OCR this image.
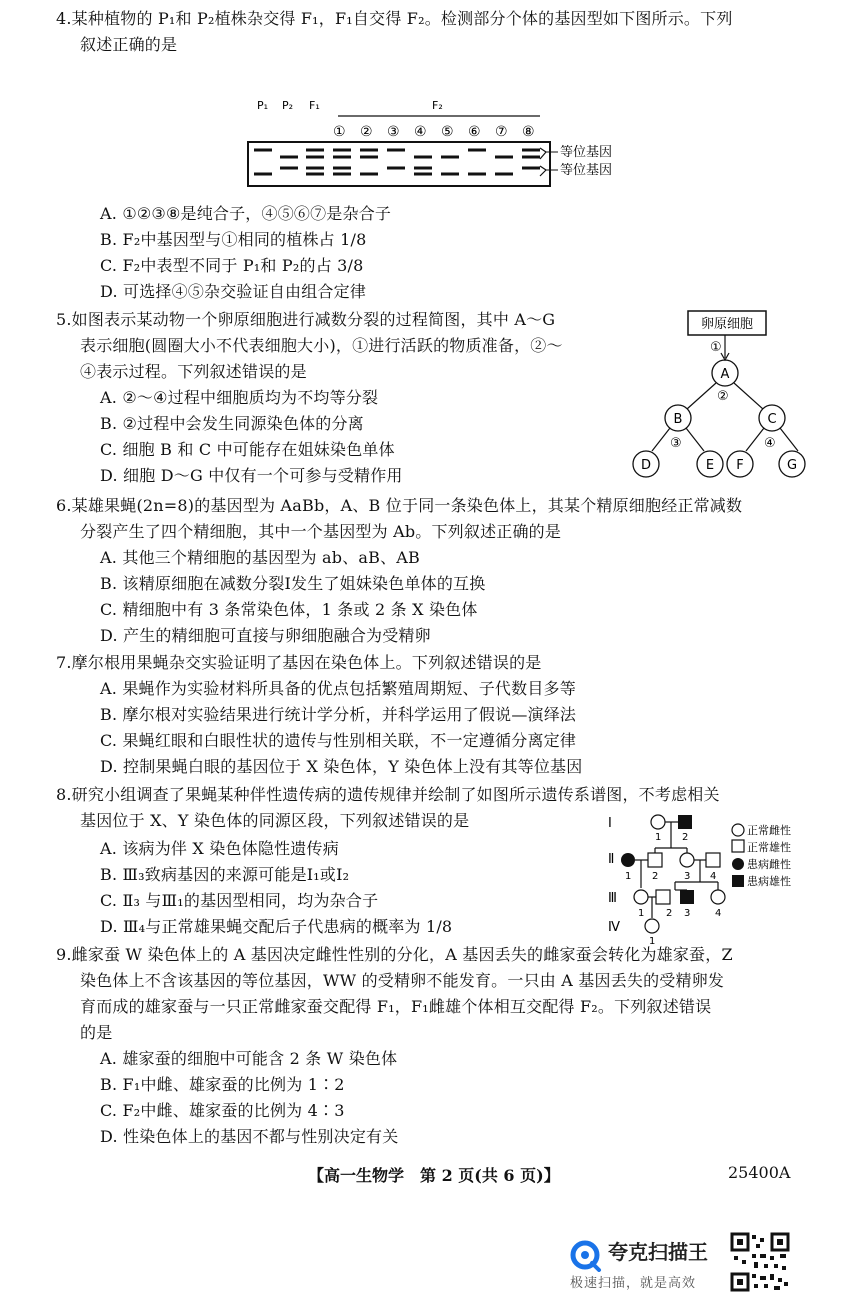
4.某种植物的 P₁和 P₂植株杂交得 F₁，F₁自交得 F₂。检测部分个体的基因型如下图所示。下列
叙述正确的是
P₁ P₂ F₁	F₂
① ② ③ ④ ⑤ ⑥ ⑦ ⑧
等位基因
等位基因
A. ①②③⑧是纯合子，④⑤⑥⑦是杂合子
B. F₂中基因型与①相同的植株占 1/8
C. F₂中表型不同于 P₁和 P₂的占 3/8
D. 可选择④⑤杂交验证自由组合定律
5.如图表示某动物一个卵原细胞进行减数分裂的过程简图，其中 A～G
表示细胞(圆圈大小不代表细胞大小)，①进行活跃的物质准备，②～
④表示过程。下列叙述错误的是
A. ②～④过程中细胞质均为不均等分裂
B. ②过程中会发生同源染色体的分离
C. 细胞 B 和 C 中可能存在姐妹染色单体
D. 细胞 D～G 中仅有一个可参与受精作用
卵原细胞
①
A
②
B	C
③	④
D	E F	G
6.某雄果蝇(2n=8)的基因型为 AaBb，A、B 位于同一条染色体上，其某个精原细胞经正常减数
分裂产生了四个精细胞，其中一个基因型为 Ab。下列叙述正确的是
A. 其他三个精细胞的基因型为 ab、aB、AB
B. 该精原细胞在减数分裂Ⅰ发生了姐妹染色单体的互换
C. 精细胞中有 3 条常染色体，1 条或 2 条 X 染色体
D. 产生的精细胞可直接与卵细胞融合为受精卵
7.摩尔根用果蝇杂交实验证明了基因在染色体上。下列叙述错误的是
A. 果蝇作为实验材料所具备的优点包括繁殖周期短、子代数目多等
B. 摩尔根对实验结果进行统计学分析，并科学运用了假说—演绎法
C. 果蝇红眼和白眼性状的遗传与性别相关联，不一定遵循分离定律
D. 控制果蝇白眼的基因位于 X 染色体，Y 染色体上没有其等位基因
8.研究小组调查了果蝇某种伴性遗传病的遗传规律并绘制了如图所示遗传系谱图，不考虑相关
基因位于 X、Y 染色体的同源区段，下列叙述错误的是
A. 该病为伴 X 染色体隐性遗传病
B. Ⅲ₃致病基因的来源可能是Ⅰ₁或Ⅰ₂
C. Ⅱ₃ 与Ⅲ₁的基因型相同，均为杂合子
D. Ⅲ₄与正常雄果蝇交配后子代患病的概率为 1/8
Ⅰ
Ⅱ
Ⅲ
Ⅳ
1 2
1 2	3 4
1 2 3 4
1
正常雌性
正常雄性
患病雌性
患病雄性
9.雌家蚕 W 染色体上的 A 基因决定雌性性别的分化，A 基因丢失的雌家蚕会转化为雄家蚕，Z
染色体上不含该基因的等位基因，WW 的受精卵不能发育。一只由 A 基因丢失的受精卵发
育而成的雄家蚕与一只正常雌家蚕交配得 F₁，F₁雌雄个体相互交配得 F₂。下列叙述错误
的是
A. 雄家蚕的细胞中可能含 2 条 W 染色体
B. F₁中雌、雄家蚕的比例为 1∶2
C. F₂中雌、雄家蚕的比例为 4∶3
D. 性染色体上的基因不都与性别决定有关
【高一生物学　第 2 页(共 6 页)】	25400A
夸克扫描王
极速扫描，就是高效
